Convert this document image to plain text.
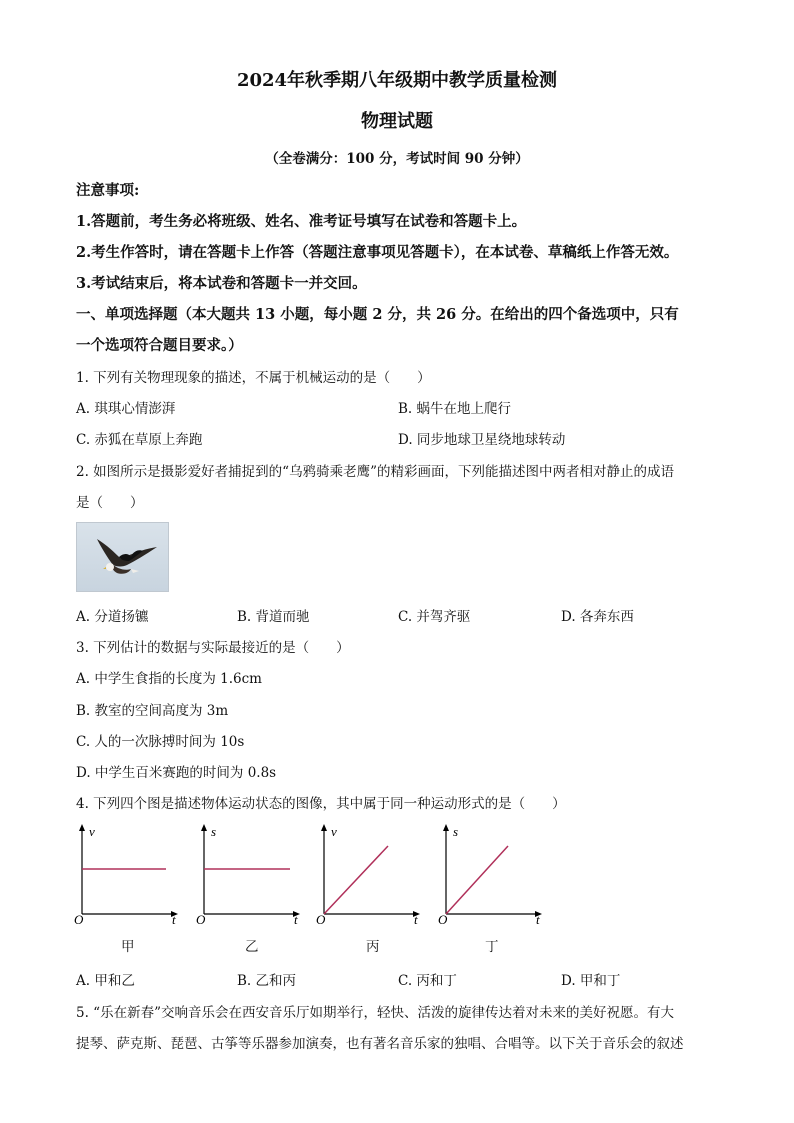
2024年秋季期八年级期中教学质量检测
物理试题
（全卷满分：100 分，考试时间 90 分钟）
注意事项:
1.答题前，考生务必将班级、姓名、准考证号填写在试卷和答题卡上。
2.考生作答时，请在答题卡上作答（答题注意事项见答题卡），在本试卷、草稿纸上作答无效。
3.考试结束后，将本试卷和答题卡一并交回。
一、单项选择题（本大题共 13 小题，每小题 2 分，共 26 分。在给出的四个备选项中，只有
一个选项符合题目要求。）
1. 下列有关物理现象的描述，不属于机械运动的是（　　）
A. 琪琪心情澎湃	B. 蜗牛在地上爬行
C. 赤狐在草原上奔跑	D. 同步地球卫星绕地球转动
2. 如图所示是摄影爱好者捕捉到的“乌鸦骑乘老鹰”的精彩画面，下列能描述图中两者相对静止的成语
是（　　）
A. 分道扬镳	B. 背道而驰	C. 并驾齐驱	D. 各奔东西
3. 下列估计的数据与实际最接近的是（　　）
A. 中学生食指的长度为 1.6cm
B. 教室的空间高度为 3m
C. 人的一次脉搏时间为 10s
D. 中学生百米赛跑的时间为 0.8s
4. 下列四个图是描述物体运动状态的图像，其中属于同一种运动形式的是（　　）
v
O	t
s
O	t
v
O	t
s
O	t
甲	乙	丙	丁
A. 甲和乙	B. 乙和丙	C. 丙和丁	D. 甲和丁
5. “乐在新春”交响音乐会在西安音乐厅如期举行，轻快、活泼的旋律传达着对未来的美好祝愿。有大
提琴、萨克斯、琵琶、古筝等乐器参加演奏，也有著名音乐家的独唱、合唱等。以下关于音乐会的叙述
